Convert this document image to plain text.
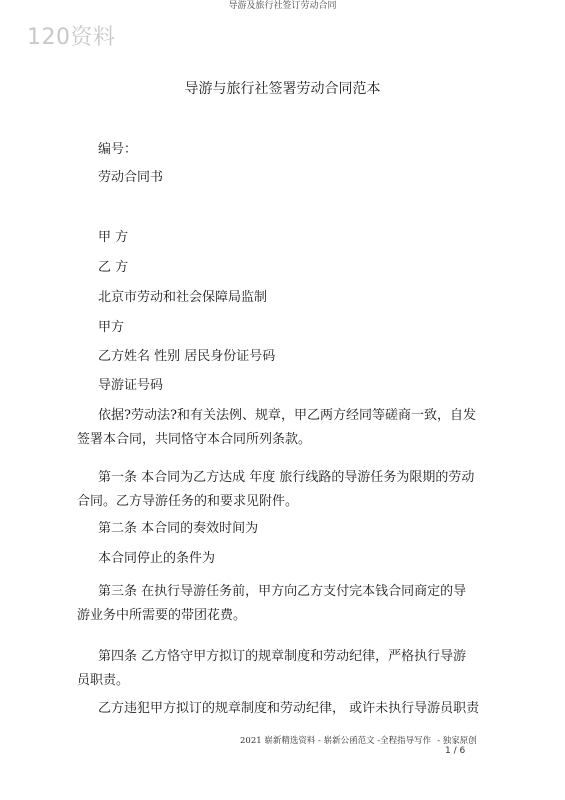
导游及旅行社签订劳动合同
120资料
导游与旅行社签署劳动合同范本
编号：
劳动合同书
甲 方
乙 方
北京市劳动和社会保障局监制
甲方
乙方姓名 性别 居民身份证号码
导游证号码
依据?劳动法?和有关法例、规章，甲乙两方经同等磋商一致，自发签署本合同，共同恪守本合同所列条款。
第一条 本合同为乙方达成 年度 旅行线路的导游任务为限期的劳动合同。乙方导游任务的和要求见附件。
第二条 本合同的奏效时间为
本合同停止的条件为
第三条 在执行导游任务前，甲方向乙方支付完本钱合同商定的导游业务中所需要的带团花费。
第四条 乙方恪守甲方拟订的规章制度和劳动纪律，严格执行导游员职责。
乙方违犯甲方拟订的规章制度和劳动纪律， 或许未执行导游员职责
2021 崭新精选资料 - 崭新公函范文 -全程指导写作 - 独家原创
1 / 6
